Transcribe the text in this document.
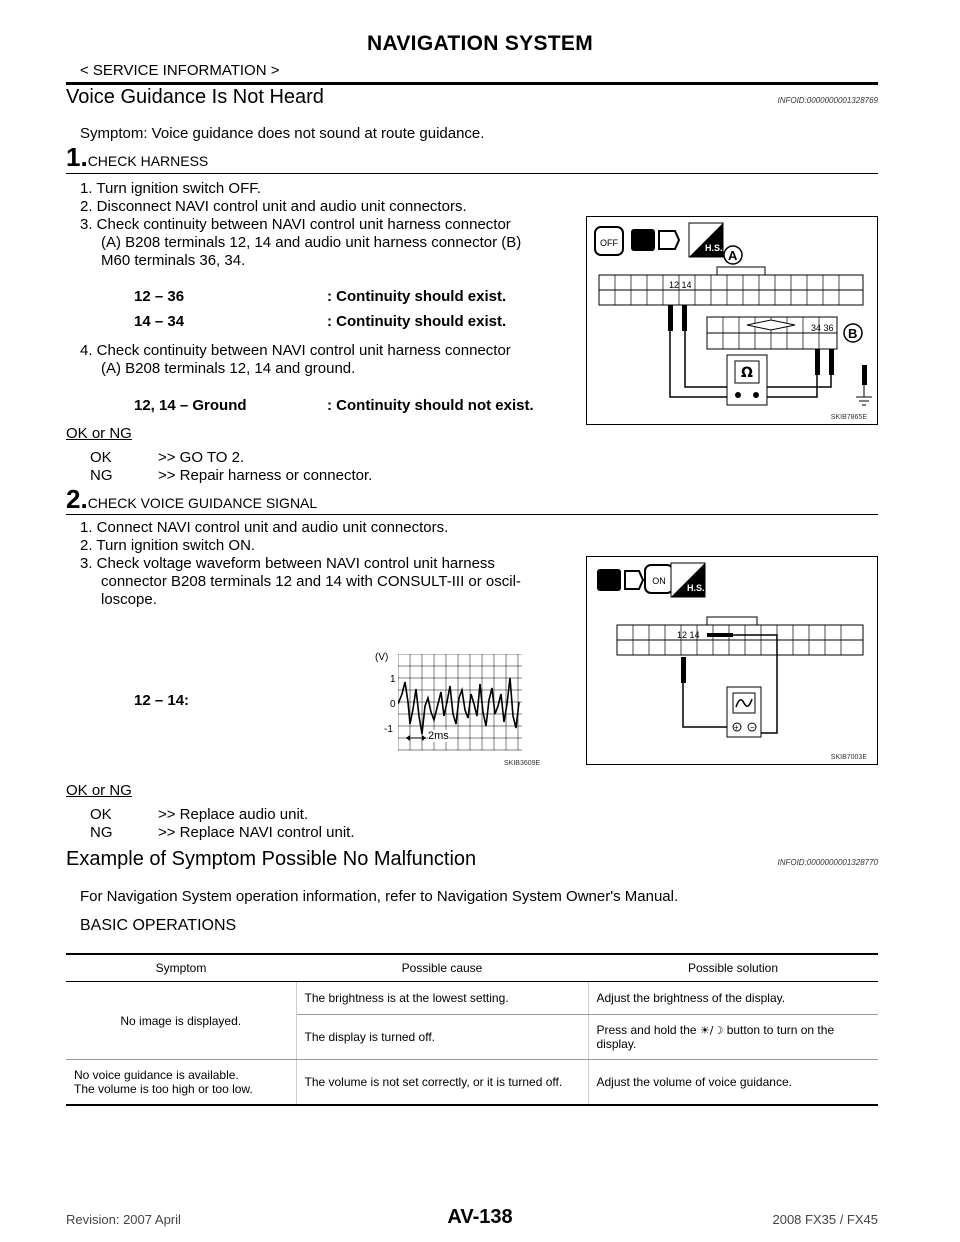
NAVIGATION SYSTEM
< SERVICE INFORMATION >
Voice Guidance Is Not Heard	INFOID:0000000001328769
Symptom: Voice guidance does not sound at route guidance.
1.CHECK HARNESS
1. Turn ignition switch OFF.
2. Disconnect NAVI control unit and audio unit connectors.
3. Check continuity between NAVI control unit harness connector
(A) B208 terminals 12, 14 and audio unit harness connector (B)
M60 terminals 36, 34.
12 – 36	: Continuity should exist.
14 – 34	: Continuity should exist.
4. Check continuity between NAVI control unit harness connector
(A) B208 terminals 12, 14 and ground.
12, 14 – Ground	: Continuity should not exist.
OFF	H.S. A
12 14
34 36 B
Ω
SKIB7865E
OK or NG
OK	>> GO TO 2.
NG	>> Repair harness or connector.
2.CHECK VOICE GUIDANCE SIGNAL
1. Connect NAVI control unit and audio unit connectors.
2. Turn ignition switch ON.
3. Check voltage waveform between NAVI control unit harness
connector B208 terminals 12 and 14 with CONSULT-III or oscil-
loscope.
12 – 14:
(V)
1
0
-1
2ms
SKIB3609E
ON
H.S.
12 14
+ −
SKIB7003E
OK or NG
OK	>> Replace audio unit.
NG	>> Replace NAVI control unit.
Example of Symptom Possible No Malfunction	INFOID:0000000001328770
For Navigation System operation information, refer to Navigation System Owner's Manual.
BASIC OPERATIONS
Symptom	Possible cause	Possible solution
No image is displayed.	The brightness is at the lowest setting.	Adjust the brightness of the display.
	The display is turned off.	Press and hold the ☀/☽ button to turn on the display.
No voice guidance is available.
The volume is too high or too low.	The volume is not set correctly, or it is turned off.	Adjust the volume of voice guidance.
Revision: 2007 April	AV-138	2008 FX35 / FX45
